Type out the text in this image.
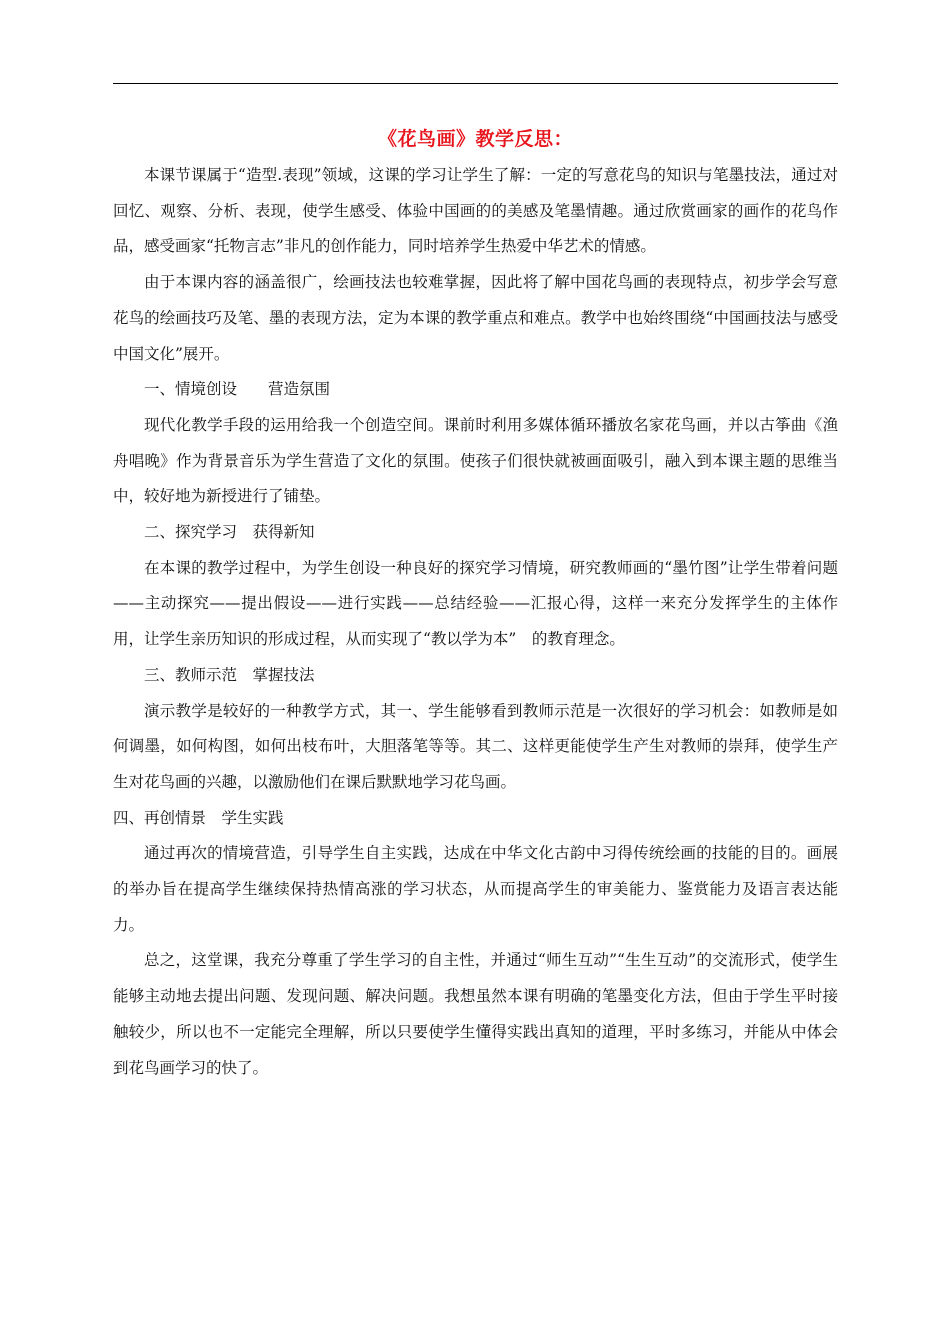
《花鸟画》教学反思：

本课节课属于“造型.表现”领域，这课的学习让学生了解：一定的写意花鸟的知识与笔墨技法，通过对回忆、观察、分析、表现，使学生感受、体验中国画的的美感及笔墨情趣。通过欣赏画家的画作的花鸟作品，感受画家“托物言志”非凡的创作能力，同时培养学生热爱中华艺术的情感。

由于本课内容的涵盖很广，绘画技法也较难掌握，因此将了解中国花鸟画的表现特点，初步学会写意花鸟的绘画技巧及笔、墨的表现方法，定为本课的教学重点和难点。教学中也始终围绕“中国画技法与感受中国文化”展开。

一、情境创设　　营造氛围

现代化教学手段的运用给我一个创造空间。课前时利用多媒体循环播放名家花鸟画，并以古筝曲《渔舟唱晚》作为背景音乐为学生营造了文化的氛围。使孩子们很快就被画面吸引，融入到本课主题的思维当中，较好地为新授进行了铺垫。

二、探究学习　获得新知

在本课的教学过程中，为学生创设一种良好的探究学习情境，研究教师画的“墨竹图”让学生带着问题——主动探究——提出假设——进行实践——总结经验——汇报心得，这样一来充分发挥学生的主体作用，让学生亲历知识的形成过程，从而实现了“教以学为本”　的教育理念。

三、教师示范　掌握技法

演示教学是较好的一种教学方式，其一、学生能够看到教师示范是一次很好的学习机会：如教师是如何调墨，如何构图，如何出枝布叶，大胆落笔等等。其二、这样更能使学生产生对教师的崇拜，使学生产生对花鸟画的兴趣，以激励他们在课后默默地学习花鸟画。

四、再创情景　学生实践

通过再次的情境营造，引导学生自主实践，达成在中华文化古韵中习得传统绘画的技能的目的。画展的举办旨在提高学生继续保持热情高涨的学习状态，从而提高学生的审美能力、鉴赏能力及语言表达能力。

总之，这堂课，我充分尊重了学生学习的自主性，并通过“师生互动”“生生互动”的交流形式，使学生能够主动地去提出问题、发现问题、解决问题。我想虽然本课有明确的笔墨变化方法，但由于学生平时接触较少，所以也不一定能完全理解，所以只要使学生懂得实践出真知的道理，平时多练习，并能从中体会到花鸟画学习的快了。
